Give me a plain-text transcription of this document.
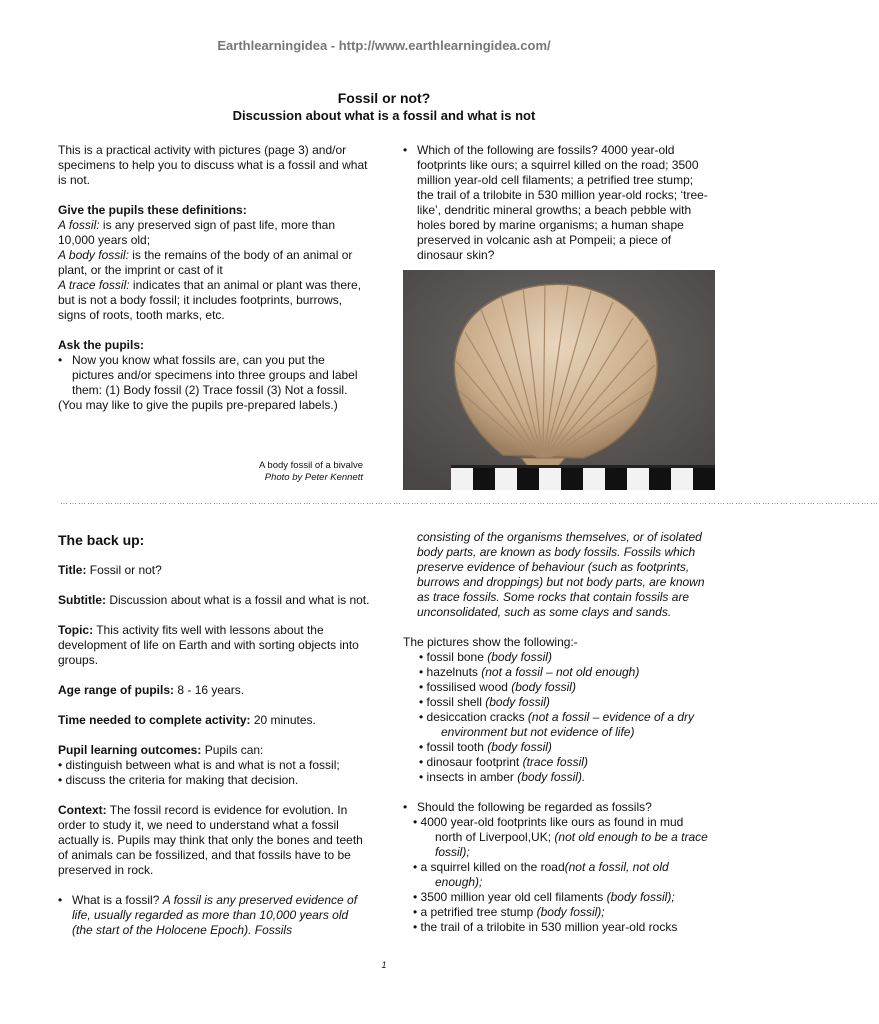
Earthlearningidea - http://www.earthlearningidea.com/
Fossil or not?
Discussion about what is a fossil and what is not

This is a practical activity with pictures (page 3) and/or specimens to help you to discuss what is a fossil and what is not.

Give the pupils these definitions:

A fossil: is any preserved sign of past life, more than 10,000 years old;

A body fossil: is the remains of the body of an animal or plant, or the imprint or cast of it

A trace fossil: indicates that an animal or plant was there, but is not a body fossil; it includes footprints, burrows, signs of roots, tooth marks, etc.

Ask the pupils:

• Now you know what fossils are, can you put the pictures and/or specimens into three groups and label them: (1) Body fossil (2) Trace fossil (3) Not a fossil.

(You may like to give the pupils pre-prepared labels.)

A body fossil of a bivalve
Photo by Peter Kennett
• Which of the following are fossils? 4000 year-old footprints like ours; a squirrel killed on the road; 3500 million year-old cell filaments; a petrified tree stump; the trail of a trilobite in 530 million year-old rocks; ‘tree-like’, dendritic mineral growths; a beach pebble with holes bored by marine organisms; a human shape preserved in volcanic ash at Pompeii; a piece of dinosaur skin?
…………………………………………………………………………………………………………………………………………………………………………………………………………………………………………………
The back up:

Title: Fossil or not?

Subtitle: Discussion about what is a fossil and what is not.

Topic: This activity fits well with lessons about the development of life on Earth and with sorting objects into groups.

Age range of pupils: 8 - 16 years.

Time needed to complete activity: 20 minutes.

Pupil learning outcomes: Pupils can:

• distinguish between what is and what is not a fossil;

• discuss the criteria for making that decision.

Context: The fossil record is evidence for evolution. In order to study it, we need to understand what a fossil actually is. Pupils may think that only the bones and teeth of animals can be fossilized, and that fossils have to be preserved in rock.

• What is a fossil? A fossil is any preserved evidence of life, usually regarded as more than 10,000 years old (the start of the Holocene Epoch). Fossils

consisting of the organisms themselves, or of isolated body parts, are known as body fossils. Fossils which preserve evidence of behaviour (such as footprints, burrows and droppings) but not body parts, are known as trace fossils. Some rocks that contain fossils are unconsolidated, such as some clays and sands.

The pictures show the following:-

• fossil bone (body fossil)
• hazelnuts (not a fossil – not old enough)
• fossilised wood (body fossil)
• fossil shell (body fossil)
• desiccation cracks (not a fossil – evidence of a dry environment but not evidence of life)
• fossil tooth (body fossil)
• dinosaur footprint (trace fossil)
• insects in amber (body fossil).
• Should the following be regarded as fossils?
• 4000 year-old footprints like ours as found in mud north of Liverpool,UK; (not old enough to be a trace fossil);
• a squirrel killed on the road(not a fossil, not old enough);
• 3500 million year old cell filaments (body fossil);
• a petrified tree stump (body fossil);
• the trail of a trilobite in 530 million year-old rocks
1
